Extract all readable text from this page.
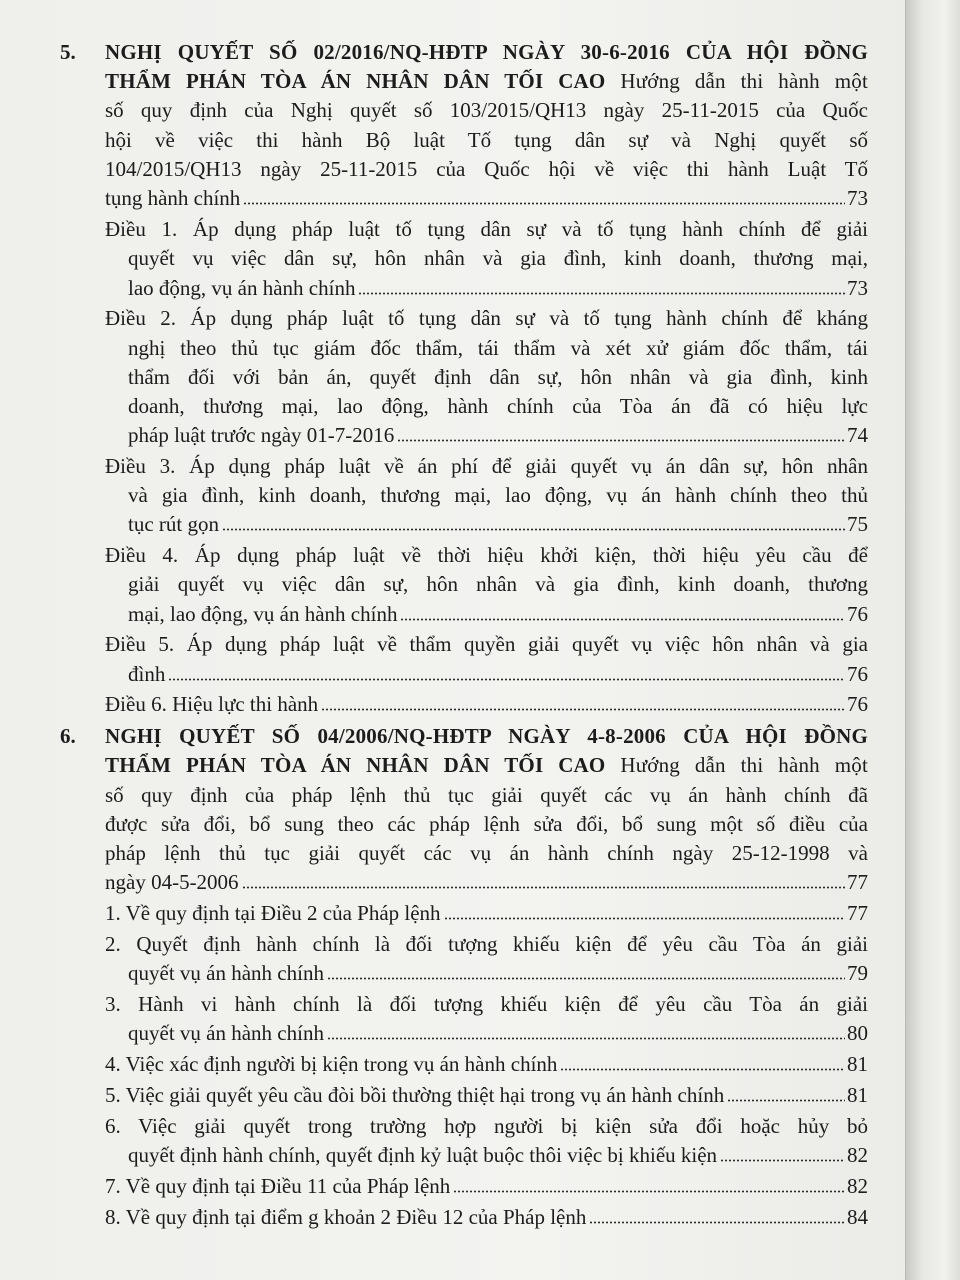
5. NGHỊ QUYẾT SỐ 02/2016/NQ-HĐTP NGÀY 30-6-2016 CỦA HỘI ĐỒNG
THẨM PHÁN TÒA ÁN NHÂN DÂN TỐI CAO Hướng dẫn thi hành một
số quy định của Nghị quyết số 103/2015/QH13 ngày 25-11-2015 của Quốc
hội về việc thi hành Bộ luật Tố tụng dân sự và Nghị quyết số
104/2015/QH13 ngày 25-11-2015 của Quốc hội về việc thi hành Luật Tố
tụng hành chính	73
Điều 1. Áp dụng pháp luật tố tụng dân sự và tố tụng hành chính để giải
quyết vụ việc dân sự, hôn nhân và gia đình, kinh doanh, thương mại,
lao động, vụ án hành chính	73
Điều 2. Áp dụng pháp luật tố tụng dân sự và tố tụng hành chính để kháng
nghị theo thủ tục giám đốc thẩm, tái thẩm và xét xử giám đốc thẩm, tái
thẩm đối với bản án, quyết định dân sự, hôn nhân và gia đình, kinh
doanh, thương mại, lao động, hành chính của Tòa án đã có hiệu lực
pháp luật trước ngày 01-7-2016	74
Điều 3. Áp dụng pháp luật về án phí để giải quyết vụ án dân sự, hôn nhân
và gia đình, kinh doanh, thương mại, lao động, vụ án hành chính theo thủ
tục rút gọn	75
Điều 4. Áp dụng pháp luật về thời hiệu khởi kiện, thời hiệu yêu cầu để
giải quyết vụ việc dân sự, hôn nhân và gia đình, kinh doanh, thương
mại, lao động, vụ án hành chính	76
Điều 5. Áp dụng pháp luật về thẩm quyền giải quyết vụ việc hôn nhân và gia
đình	76
Điều 6. Hiệu lực thi hành	76
6. NGHỊ QUYẾT SỐ 04/2006/NQ-HĐTP NGÀY 4-8-2006 CỦA HỘI ĐỒNG
THẨM PHÁN TÒA ÁN NHÂN DÂN TỐI CAO Hướng dẫn thi hành một
số quy định của pháp lệnh thủ tục giải quyết các vụ án hành chính đã
được sửa đổi, bổ sung theo các pháp lệnh sửa đổi, bổ sung một số điều của
pháp lệnh thủ tục giải quyết các vụ án hành chính ngày 25-12-1998 và
ngày 04-5-2006	77
1. Về quy định tại Điều 2 của Pháp lệnh	77
2. Quyết định hành chính là đối tượng khiếu kiện để yêu cầu Tòa án giải
quyết vụ án hành chính	79
3. Hành vi hành chính là đối tượng khiếu kiện để yêu cầu Tòa án giải
quyết vụ án hành chính	80
4. Việc xác định người bị kiện trong vụ án hành chính	81
5. Việc giải quyết yêu cầu đòi bồi thường thiệt hại trong vụ án hành chính	81
6. Việc giải quyết trong trường hợp người bị kiện sửa đổi hoặc hủy bỏ
quyết định hành chính, quyết định kỷ luật buộc thôi việc bị khiếu kiện	82
7. Về quy định tại Điều 11 của Pháp lệnh	82
8. Về quy định tại điểm g khoản 2 Điều 12 của Pháp lệnh	84
